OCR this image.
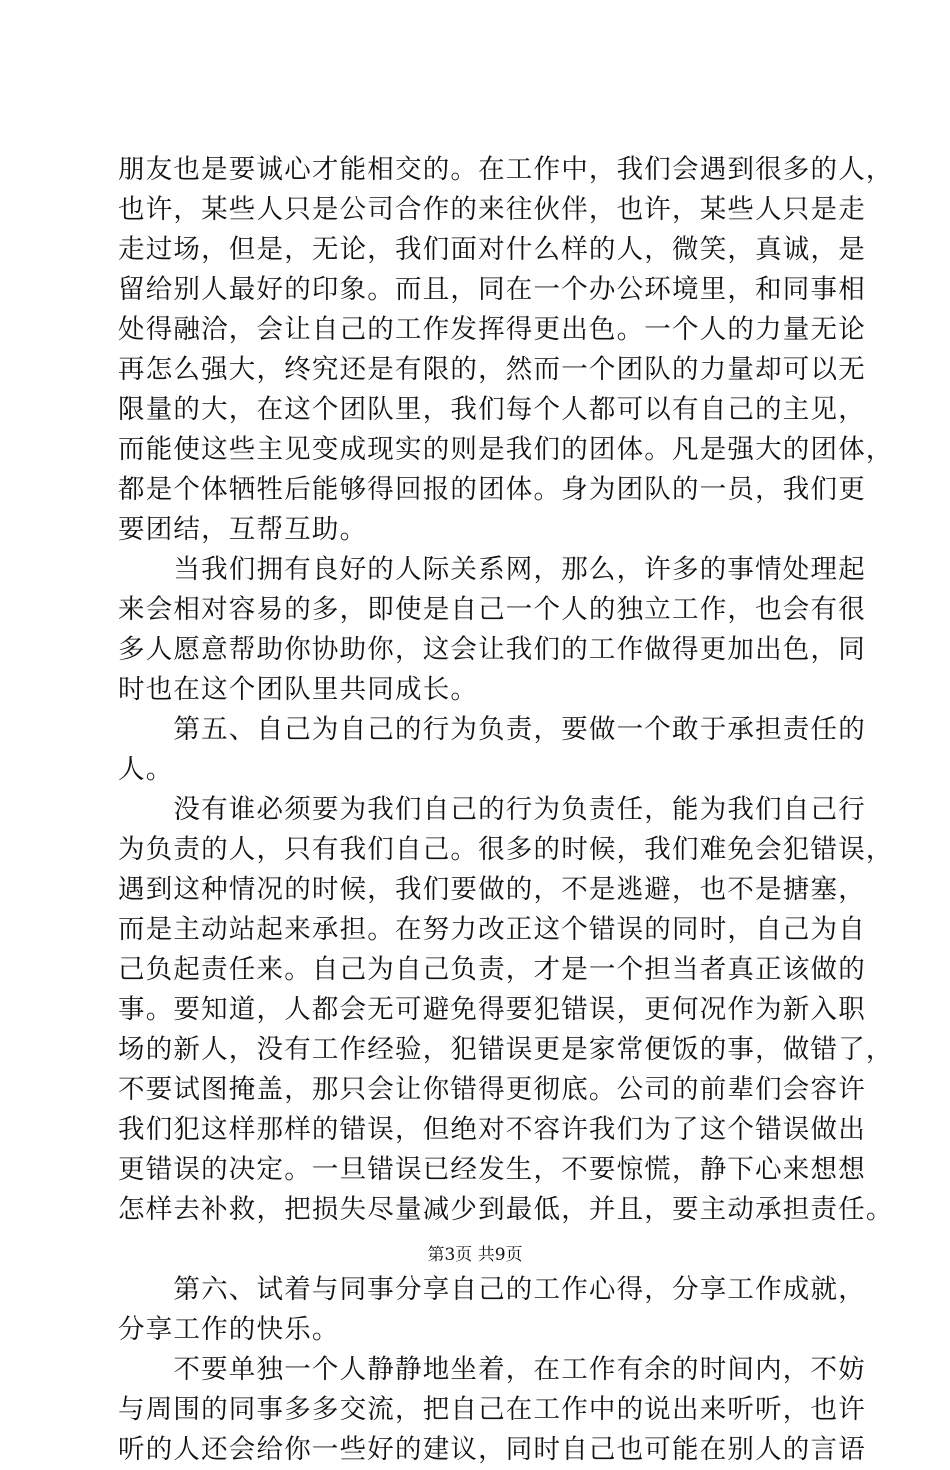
朋友也是要诚心才能相交的。在工作中，我们会遇到很多的人，
也许，某些人只是公司合作的来往伙伴，也许，某些人只是走
走过场，但是，无论，我们面对什么样的人，微笑，真诚，是
留给别人最好的印象。而且，同在一个办公环境里，和同事相
处得融洽，会让自己的工作发挥得更出色。一个人的力量无论
再怎么强大，终究还是有限的，然而一个团队的力量却可以无
限量的大，在这个团队里，我们每个人都可以有自己的主见，
而能使这些主见变成现实的则是我们的团体。凡是强大的团体，
都是个体牺牲后能够得回报的团体。身为团队的一员，我们更
要团结，互帮互助。
　　当我们拥有良好的人际关系网，那么，许多的事情处理起
来会相对容易的多，即使是自己一个人的独立工作，也会有很
多人愿意帮助你协助你，这会让我们的工作做得更加出色，同
时也在这个团队里共同成长。
　　第五、自己为自己的行为负责，要做一个敢于承担责任的
人。
　　没有谁必须要为我们自己的行为负责任，能为我们自己行
为负责的人，只有我们自己。很多的时候，我们难免会犯错误，
遇到这种情况的时候，我们要做的，不是逃避，也不是搪塞，
而是主动站起来承担。在努力改正这个错误的同时，自己为自
己负起责任来。自己为自己负责，才是一个担当者真正该做的
事。要知道，人都会无可避免得要犯错误，更何况作为新入职
场的新人，没有工作经验，犯错误更是家常便饭的事，做错了，
不要试图掩盖，那只会让你错得更彻底。公司的前辈们会容许
我们犯这样那样的错误，但绝对不容许我们为了这个错误做出
更错误的决定。一旦错误已经发生，不要惊慌，静下心来想想
怎样去补救，把损失尽量减少到最低，并且，要主动承担责任。
　　第六、试着与同事分享自己的工作心得，分享工作成就，
分享工作的快乐。
　　不要单独一个人静静地坐着，在工作有余的时间内，不妨
与周围的同事多多交流，把自己在工作中的说出来听听，也许
听的人还会给你一些好的建议，同时自己也可能在别人的言语
第3页 共9页
